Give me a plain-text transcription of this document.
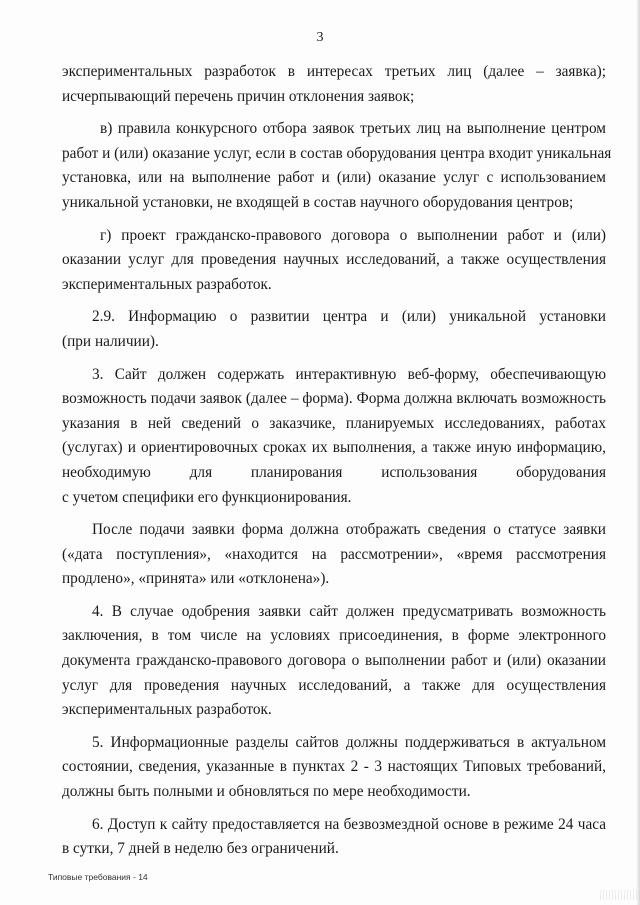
3
экспериментальных разработок в интересах третьих лиц (далее – заявка);
исчерпывающий перечень причин отклонения заявок;
в) правила конкурсного отбора заявок третьих лиц на выполнение центром
работ и (или) оказание услуг, если в состав оборудования центра входит уникальная
установка, или на выполнение работ и (или) оказание услуг с использованием
уникальной установки, не входящей в состав научного оборудования центров;
г) проект гражданско-правового договора о выполнении работ и (или)
оказании услуг для проведения научных исследований, а также осуществления
экспериментальных разработок.
2.9. Информацию о развитии центра и (или) уникальной установки
(при наличии).
3. Сайт должен содержать интерактивную веб-форму, обеспечивающую
возможность подачи заявок (далее – форма). Форма должна включать возможность
указания в ней сведений о заказчике, планируемых исследованиях, работах
(услугах) и ориентировочных сроках их выполнения, а также иную информацию,
необходимую для планирования использования оборудования
с учетом специфики его функционирования.
После подачи заявки форма должна отображать сведения о статусе заявки
(«дата поступления», «находится на рассмотрении», «время рассмотрения
продлено», «принята» или «отклонена»).
4. В случае одобрения заявки сайт должен предусматривать возможность
заключения, в том числе на условиях присоединения, в форме электронного
документа гражданско-правового договора о выполнении работ и (или) оказании
услуг для проведения научных исследований, а также для осуществления
экспериментальных разработок.
5. Информационные разделы сайтов должны поддерживаться в актуальном
состоянии, сведения, указанные в пунктах 2 - 3 настоящих Типовых требований,
должны быть полными и обновляться по мере необходимости.
6. Доступ к сайту предоставляется на безвозмездной основе в режиме 24 часа
в сутки, 7 дней в неделю без ограничений.
Типовые требования - 14
